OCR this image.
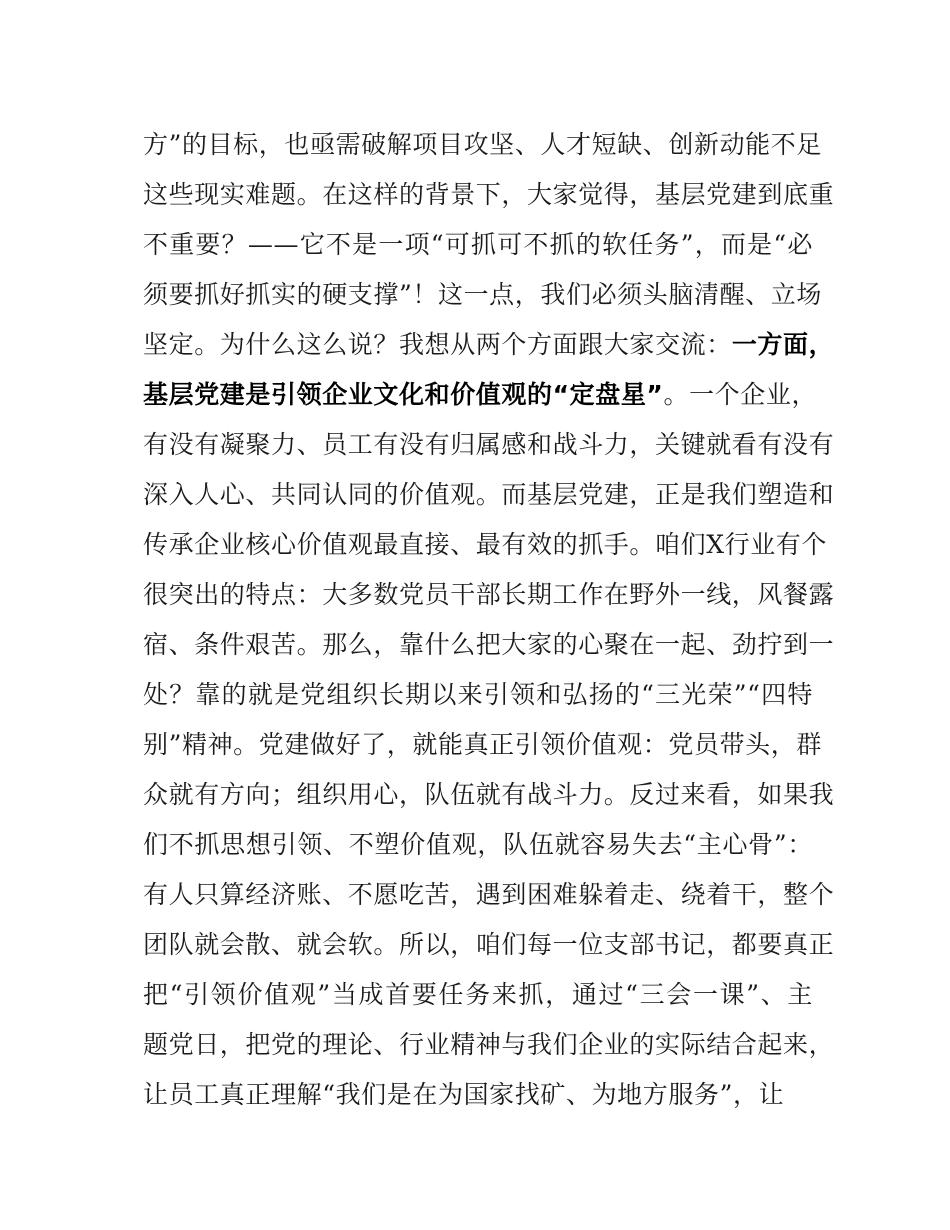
方”的目标，也亟需破解项目攻坚、人才短缺、创新动能不足
这些现实难题。在这样的背景下，大家觉得，基层党建到底重
不重要？——它不是一项“可抓可不抓的软任务”，而是“必
须要抓好抓实的硬支撑”！这一点，我们必须头脑清醒、立场
坚定。为什么这么说？我想从两个方面跟大家交流：一方面，
基层党建是引领企业文化和价值观的“定盘星”。一个企业，
有没有凝聚力、员工有没有归属感和战斗力，关键就看有没有
深入人心、共同认同的价值观。而基层党建，正是我们塑造和
传承企业核心价值观最直接、最有效的抓手。咱们X行业有个
很突出的特点：大多数党员干部长期工作在野外一线，风餐露
宿、条件艰苦。那么，靠什么把大家的心聚在一起、劲拧到一
处？靠的就是党组织长期以来引领和弘扬的“三光荣”“四特
别”精神。党建做好了，就能真正引领价值观：党员带头，群
众就有方向；组织用心，队伍就有战斗力。反过来看，如果我
们不抓思想引领、不塑价值观，队伍就容易失去“主心骨”：
有人只算经济账、不愿吃苦，遇到困难躲着走、绕着干，整个
团队就会散、就会软。所以，咱们每一位支部书记，都要真正
把“引领价值观”当成首要任务来抓，通过“三会一课”、主
题党日，把党的理论、行业精神与我们企业的实际结合起来，
让员工真正理解“我们是在为国家找矿、为地方服务”，让
